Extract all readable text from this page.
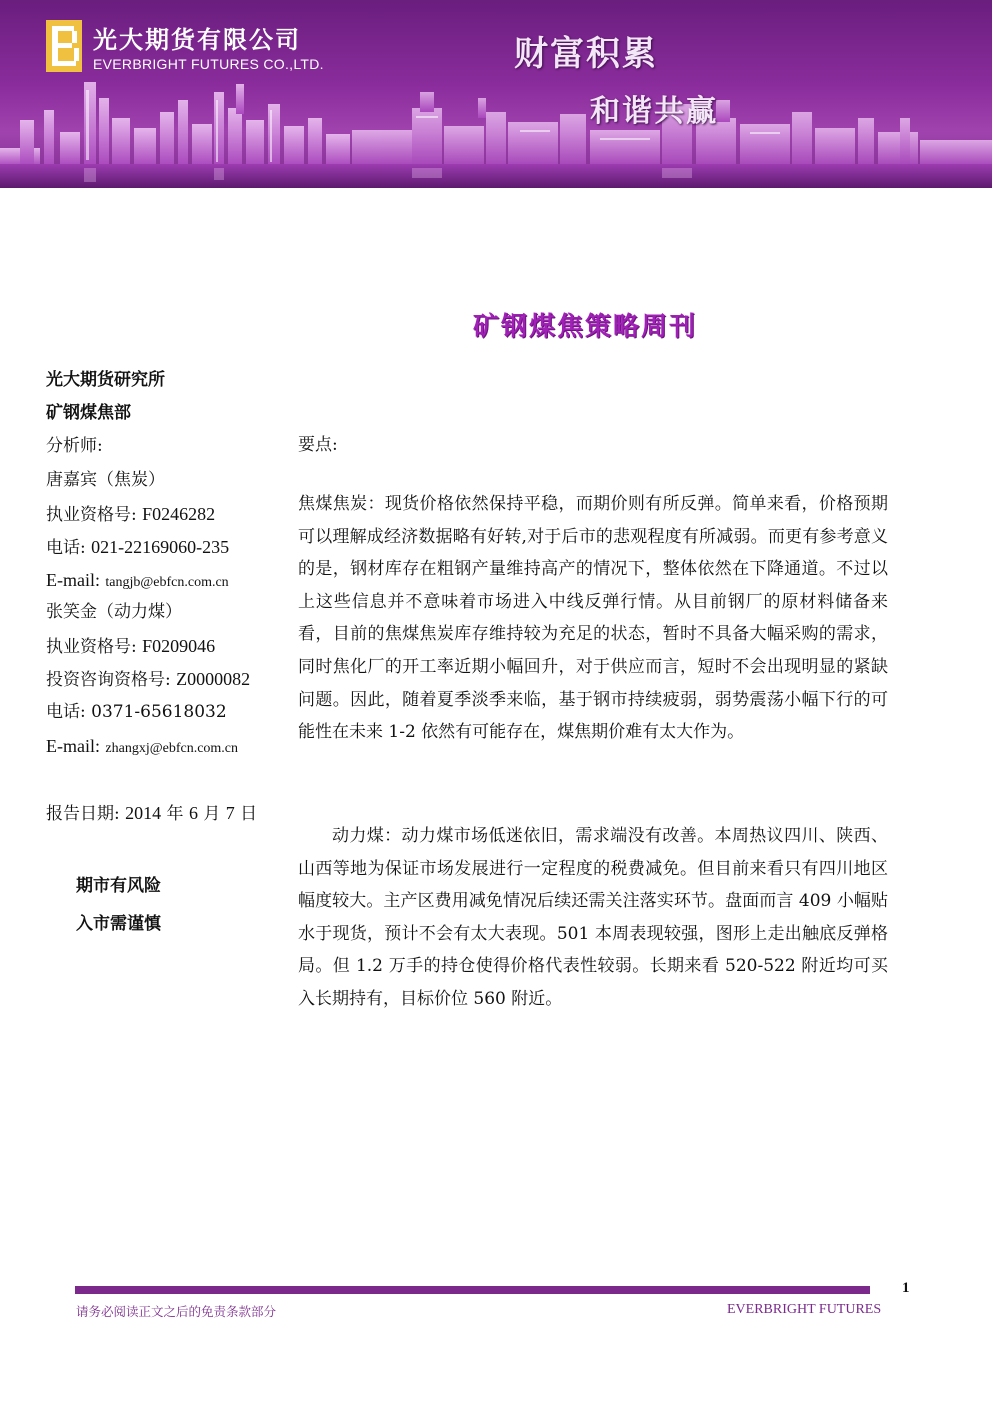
光大期货有限公司
EVERBRIGHT FUTURES CO.,LTD.	财富积累
和谐共赢
矿钢煤焦策略周刊
光大期货研究所
矿钢煤焦部
分析师:
唐嘉宾（焦炭）
执业资格号: F0246282
电话: 021-22169060-235
E-mail: tangjb@ebfcn.com.cn
张笑金（动力煤）
执业资格号: F0209046
投资咨询资格号: Z0000082
电话: 0371-65618032
E-mail: zhangxj@ebfcn.com.cn
报告日期: 2014 年 6 月 7 日
期市有风险
入市需谨慎
要点:

焦煤焦炭：现货价格依然保持平稳，而期价则有所反弹。简单来看，价格预期可以理解成经济数据略有好转,对于后市的悲观程度有所减弱。而更有参考意义的是，钢材库存在粗钢产量维持高产的情况下，整体依然在下降通道。不过以上这些信息并不意味着市场进入中线反弹行情。从目前钢厂的原材料储备来看，目前的焦煤焦炭库存维持较为充足的状态，暂时不具备大幅采购的需求，同时焦化厂的开工率近期小幅回升，对于供应而言，短时不会出现明显的紧缺问题。因此，随着夏季淡季来临，基于钢市持续疲弱，弱势震荡小幅下行的可能性在未来 1-2 依然有可能存在，煤焦期价难有太大作为。

动力煤：动力煤市场低迷依旧，需求端没有改善。本周热议四川、陕西、山西等地为保证市场发展进行一定程度的税费减免。但目前来看只有四川地区幅度较大。主产区费用减免情况后续还需关注落实环节。盘面而言 409 小幅贴水于现货，预计不会有太大表现。501 本周表现较强，图形上走出触底反弹格局。但 1.2 万手的持仓使得价格代表性较弱。长期来看 520-522 附近均可买入长期持有，目标价位 560 附近。

1
请务必阅读正文之后的免责条款部分	EVERBRIGHT FUTURES
